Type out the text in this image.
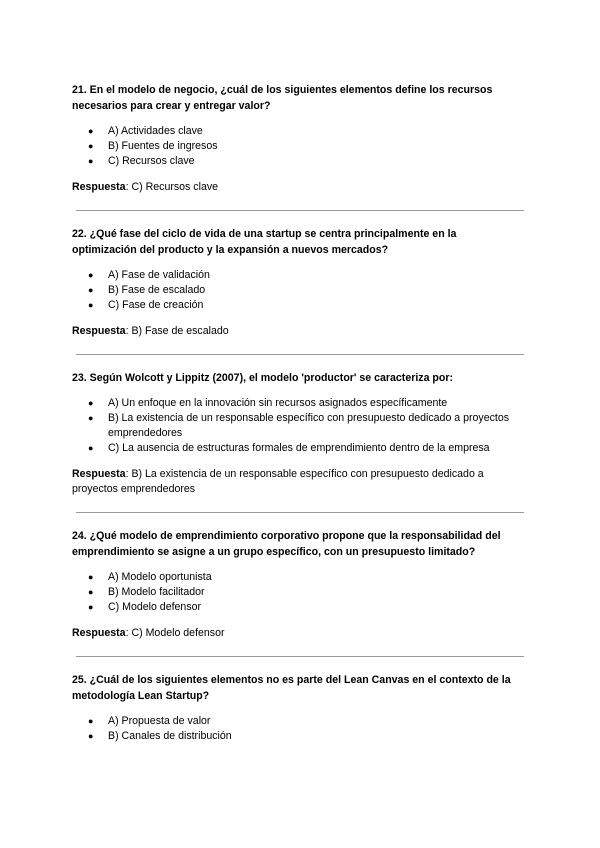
21. En el modelo de negocio, ¿cuál de los siguientes elementos define los recursos necesarios para crear y entregar valor?

● A) Actividades clave
● B) Fuentes de ingresos
● C) Recursos clave

Respuesta: C) Recursos clave

22. ¿Qué fase del ciclo de vida de una startup se centra principalmente en la optimización del producto y la expansión a nuevos mercados?

● A) Fase de validación
● B) Fase de escalado
● C) Fase de creación

Respuesta: B) Fase de escalado

23. Según Wolcott y Lippitz (2007), el modelo 'productor' se caracteriza por:

● A) Un enfoque en la innovación sin recursos asignados específicamente
● B) La existencia de un responsable específico con presupuesto dedicado a proyectos emprendedores
● C) La ausencia de estructuras formales de emprendimiento dentro de la empresa

Respuesta: B) La existencia de un responsable específico con presupuesto dedicado a proyectos emprendedores

24. ¿Qué modelo de emprendimiento corporativo propone que la responsabilidad del emprendimiento se asigne a un grupo específico, con un presupuesto limitado?

● A) Modelo oportunista
● B) Modelo facilitador
● C) Modelo defensor

Respuesta: C) Modelo defensor

25. ¿Cuál de los siguientes elementos no es parte del Lean Canvas en el contexto de la metodología Lean Startup?

● A) Propuesta de valor
● B) Canales de distribución
